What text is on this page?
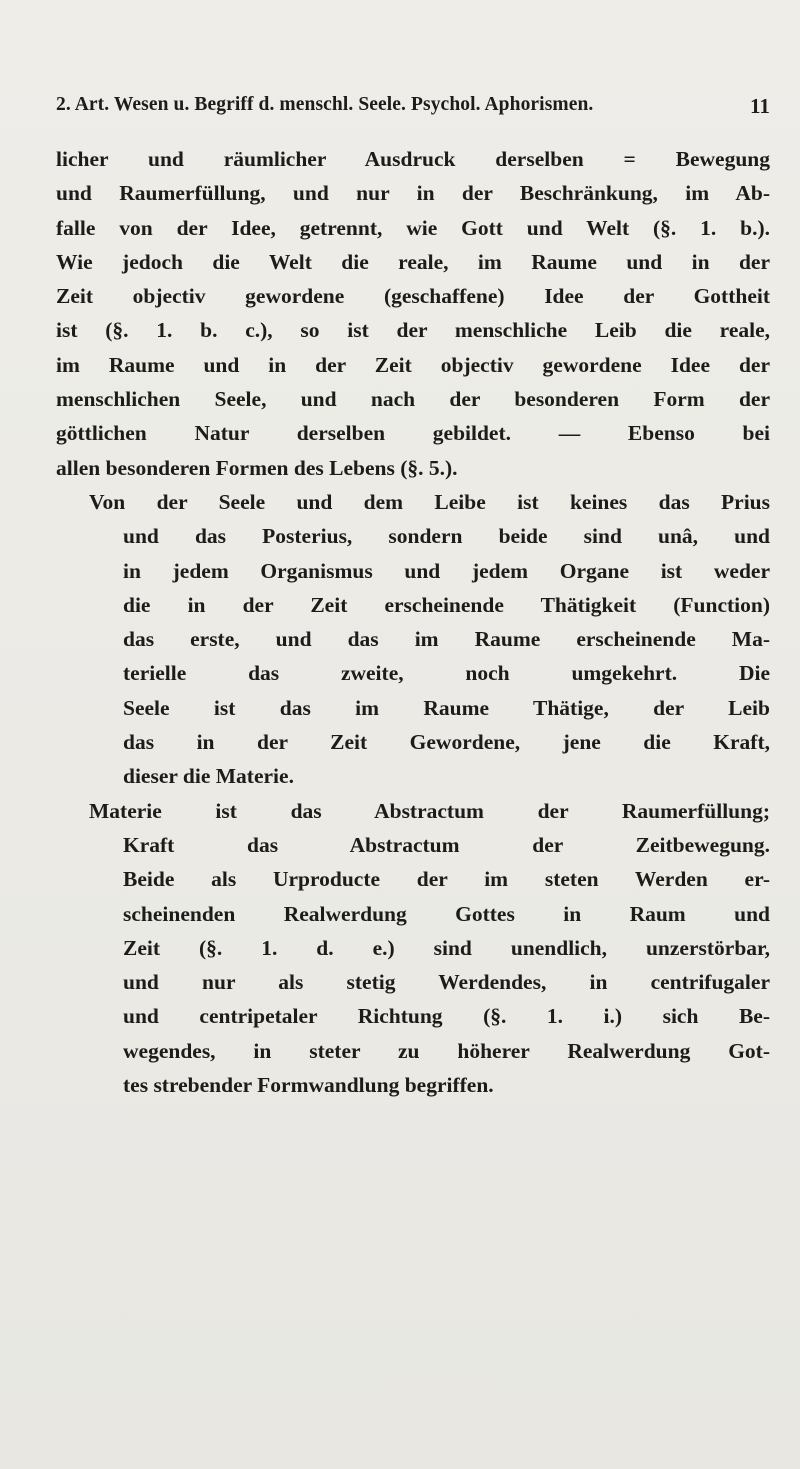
2. Art. Wesen u. Begriff d. menschl. Seele. Psychol. Aphorismen.	11
licher und räumlicher Ausdruck derselben = Bewegung
und Raumerfüllung, und nur in der Beschränkung, im Ab-
falle von der Idee, getrennt, wie Gott und Welt (§. 1. b.).
Wie jedoch die Welt die reale, im Raume und in der
Zeit objectiv gewordene (geschaffene) Idee der Gottheit
ist (§. 1. b. c.), so ist der menschliche Leib die reale,
im Raume und in der Zeit objectiv gewordene Idee der
menschlichen Seele, und nach der besonderen Form der
göttlichen Natur derselben gebildet. — Ebenso bei
allen besonderen Formen des Lebens (§. 5.).
Von der Seele und dem Leibe ist keines das Prius
und das Posterius, sondern beide sind unâ, und
in jedem Organismus und jedem Organe ist weder
die in der Zeit erscheinende Thätigkeit (Function)
das erste, und das im Raume erscheinende Ma-
terielle das zweite, noch umgekehrt. Die
Seele ist das im Raume Thätige, der Leib
das in der Zeit Gewordene, jene die Kraft,
dieser die Materie.
Materie ist das Abstractum der Raumerfüllung;
Kraft das Abstractum der Zeitbewegung.
Beide als Urproducte der im steten Werden er-
scheinenden Realwerdung Gottes in Raum und
Zeit (§. 1. d. e.) sind unendlich, unzerstörbar,
und nur als stetig Werdendes, in centrifugaler
und centripetaler Richtung (§. 1. i.) sich Be-
wegendes, in steter zu höherer Realwerdung Got-
tes strebender Formwandlung begriffen.
